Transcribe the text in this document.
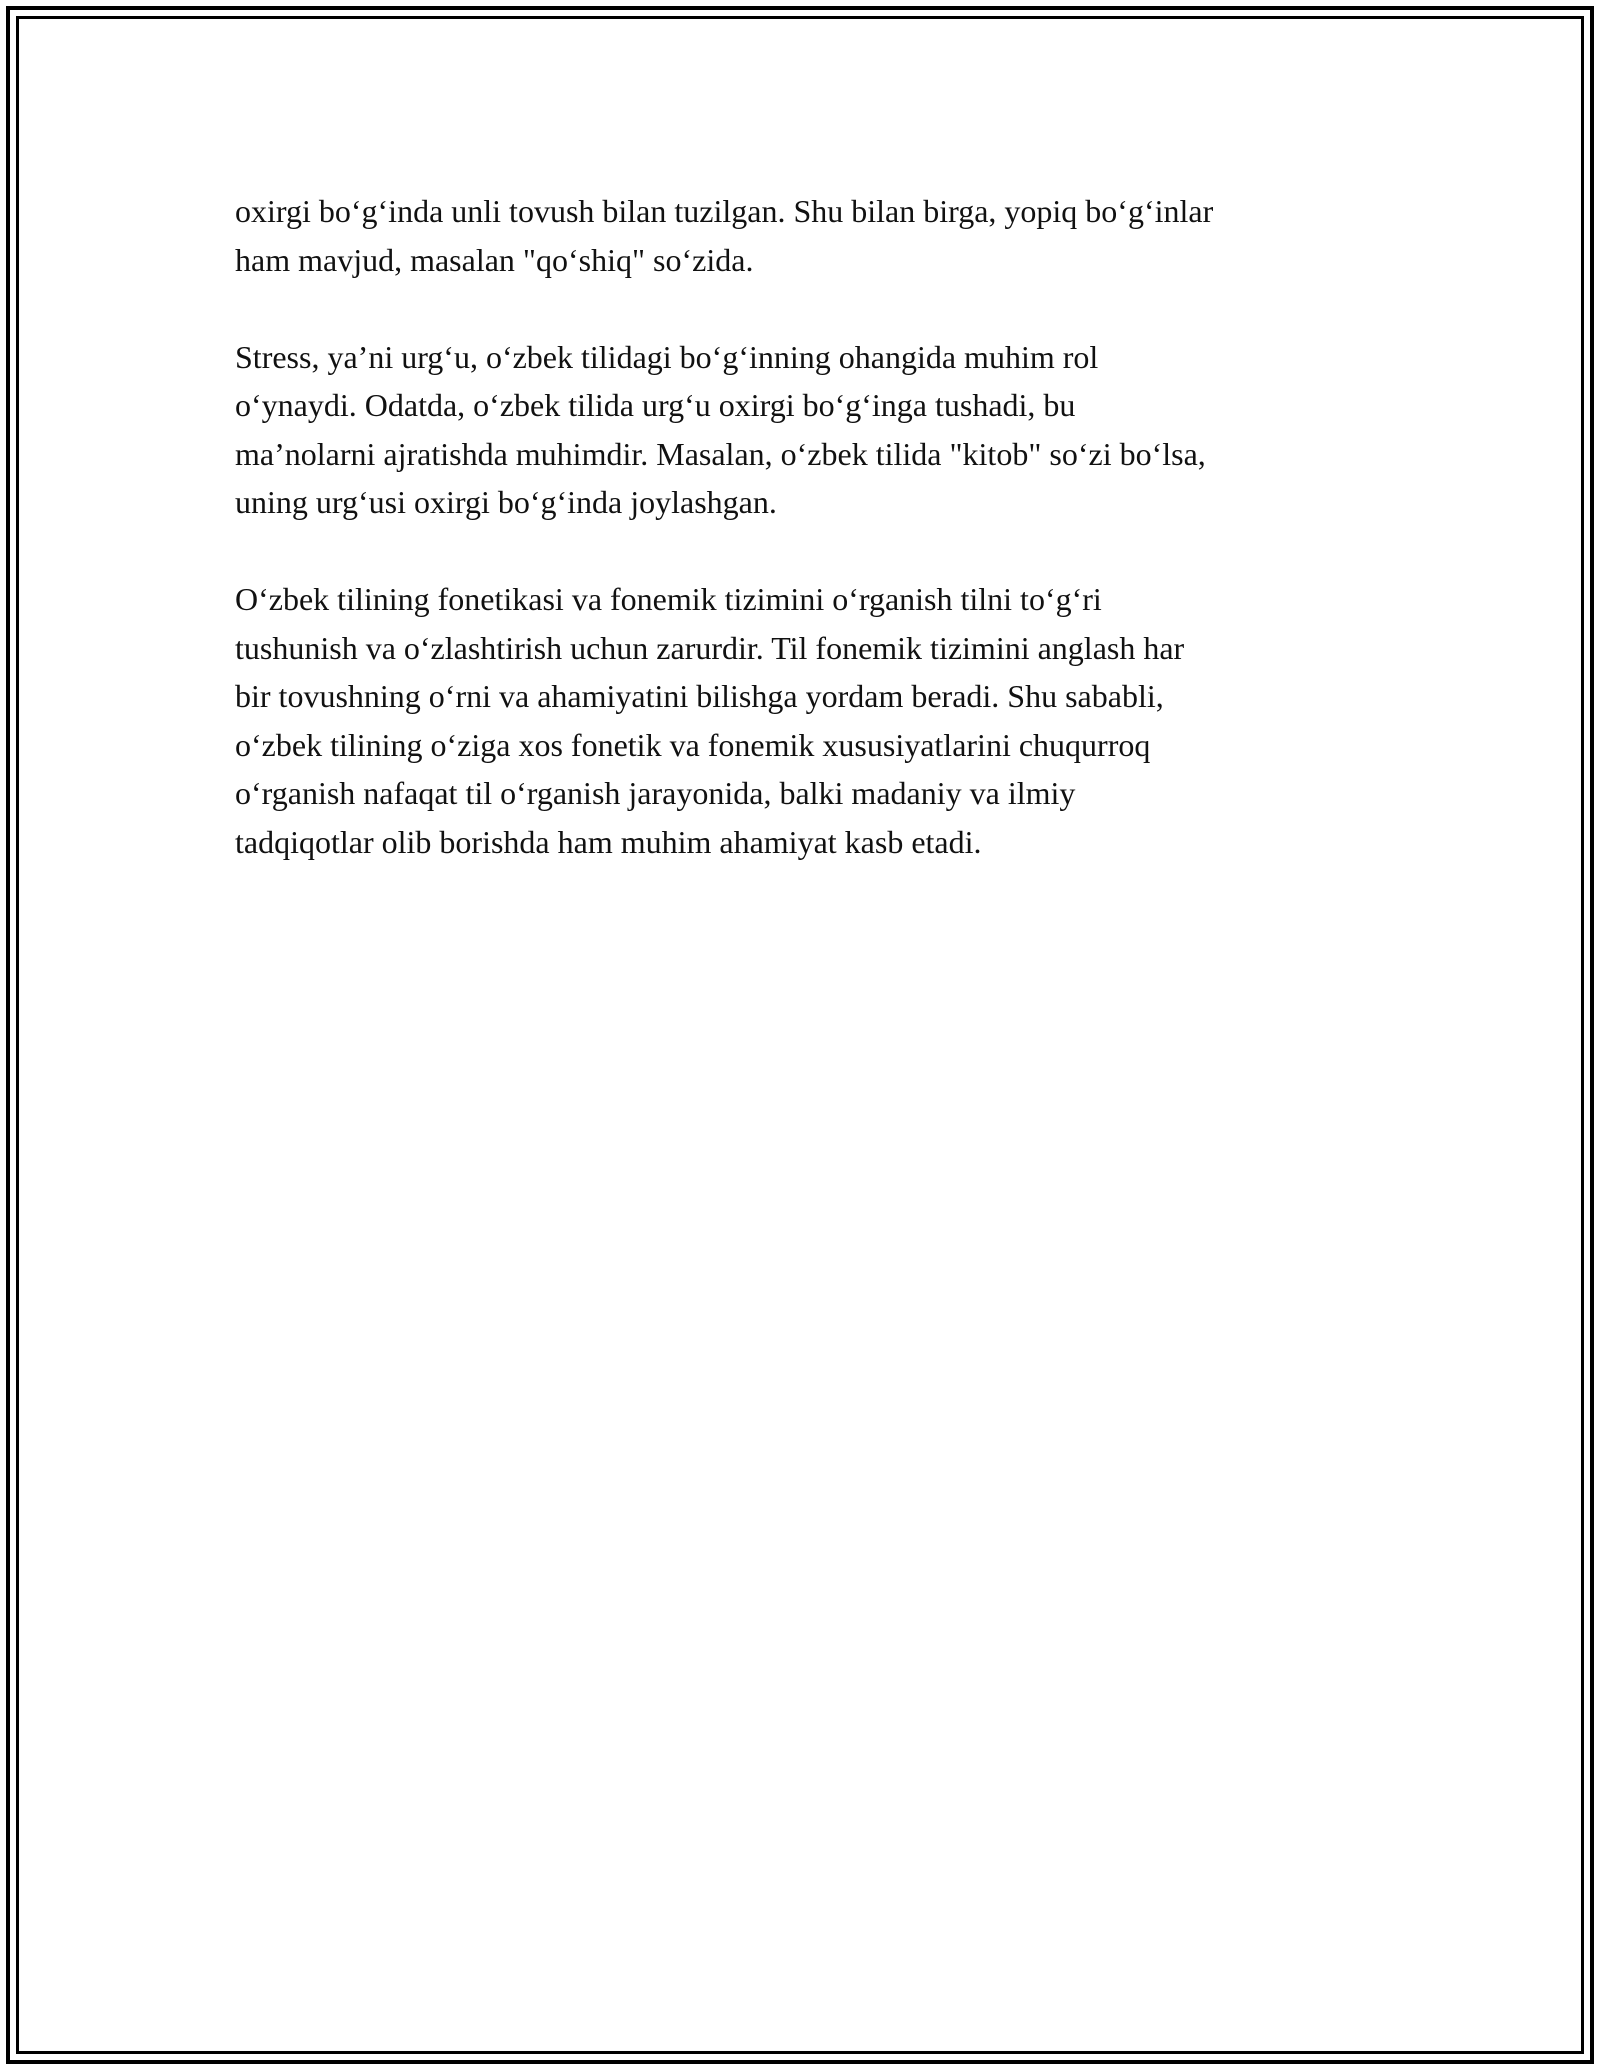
oxirgi bo‘g‘inda unli tovush bilan tuzilgan. Shu bilan birga, yopiq bo‘g‘inlar
ham mavjud, masalan "qo‘shiq" so‘zida.

Stress, ya’ni urg‘u, o‘zbek tilidagi bo‘g‘inning ohangida muhim rol
o‘ynaydi. Odatda, o‘zbek tilida urg‘u oxirgi bo‘g‘inga tushadi, bu
ma’nolarni ajratishda muhimdir. Masalan, o‘zbek tilida "kitob" so‘zi bo‘lsa,
uning urg‘usi oxirgi bo‘g‘inda joylashgan.

O‘zbek tilining fonetikasi va fonemik tizimini o‘rganish tilni to‘g‘ri
tushunish va o‘zlashtirish uchun zarurdir. Til fonemik tizimini anglash har
bir tovushning o‘rni va ahamiyatini bilishga yordam beradi. Shu sababli,
o‘zbek tilining o‘ziga xos fonetik va fonemik xususiyatlarini chuqurroq
o‘rganish nafaqat til o‘rganish jarayonida, balki madaniy va ilmiy
tadqiqotlar olib borishda ham muhim ahamiyat kasb etadi.
